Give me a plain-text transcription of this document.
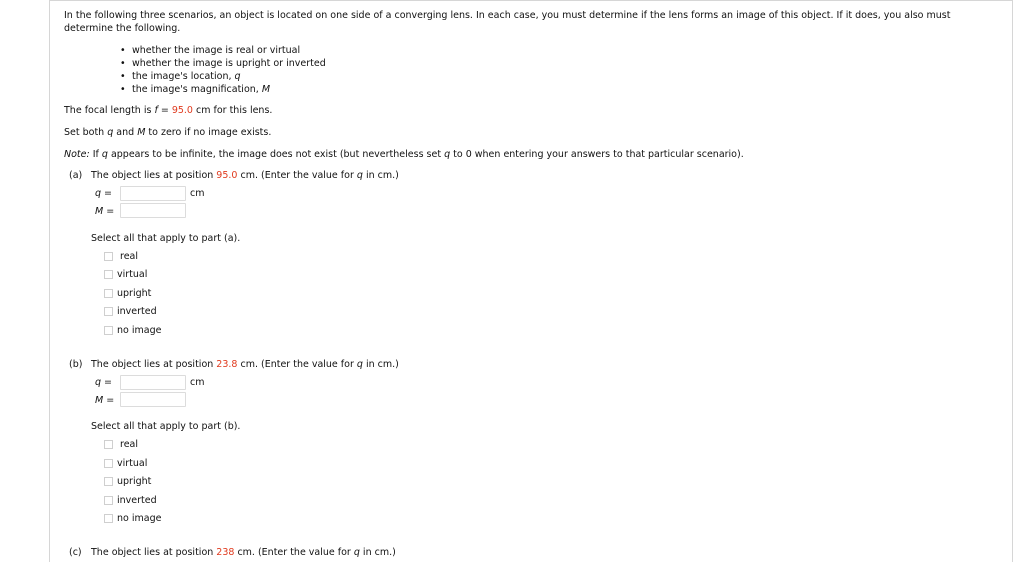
In the following three scenarios, an object is located on one side of a converging lens. In each case, you must determine if the lens forms an image of this object. If it does, you also must determine the following.
• whether the image is real or virtual
• whether the image is upright or inverted
• the image's location, q
• the image's magnification, M
The focal length is f = 95.0 cm for this lens.
Set both q and M to zero if no image exists.
Note: If q appears to be infinite, the image does not exist (but nevertheless set q to 0 when entering your answers to that particular scenario).
(a) The object lies at position 95.0 cm. (Enter the value for q in cm.)
q =	cm
M =
Select all that apply to part (a).
real
virtual
upright
inverted
no image
(b) The object lies at position 23.8 cm. (Enter the value for q in cm.)
q =	cm
M =
Select all that apply to part (b).
real
virtual
upright
inverted
no image
(c) The object lies at position 238 cm. (Enter the value for q in cm.)
